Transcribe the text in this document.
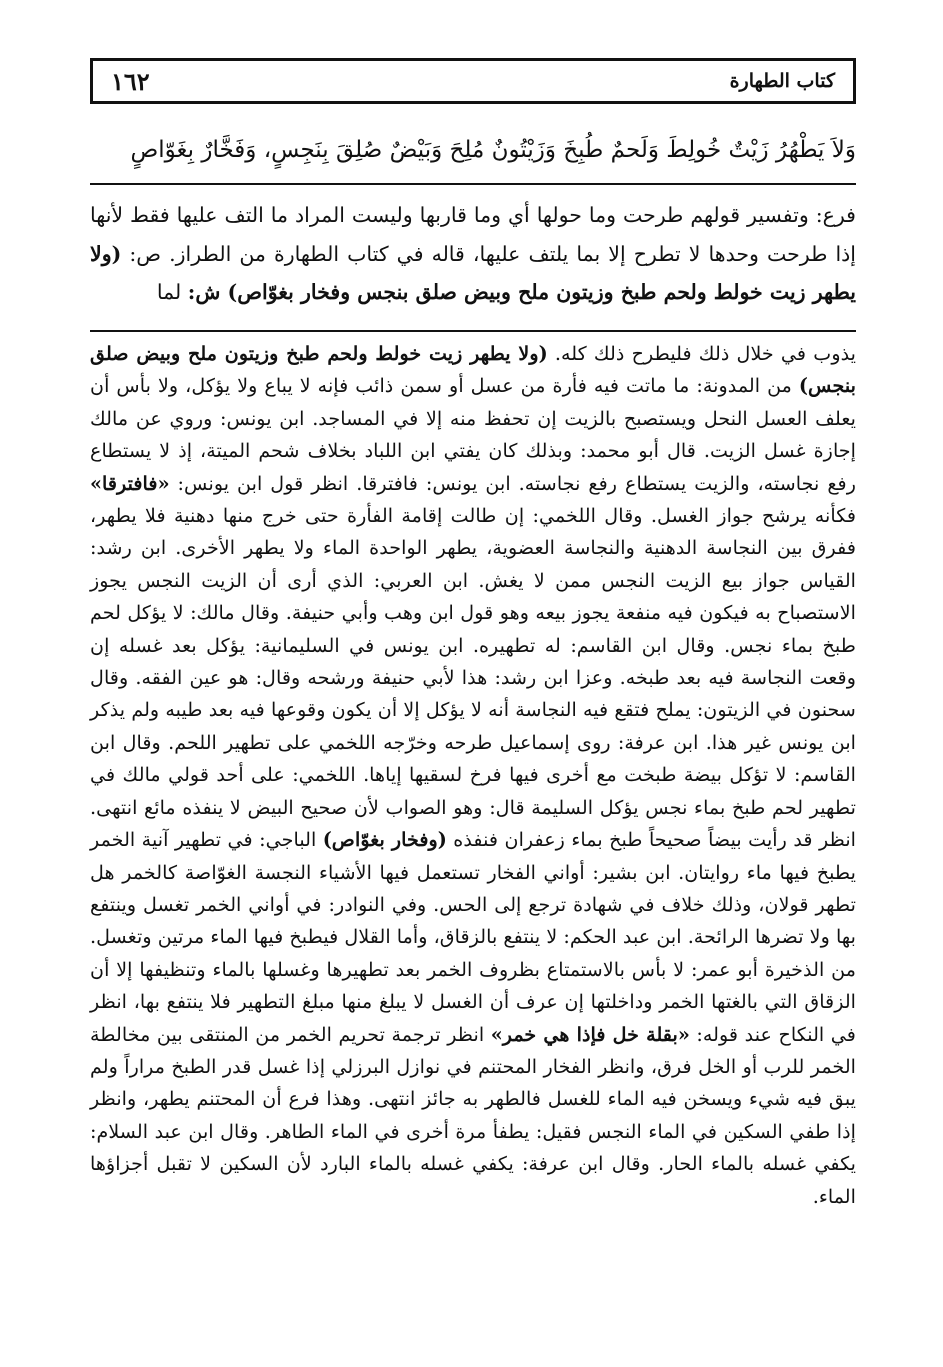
١٦٢	كتاب الطهارة
وَلاَ يَطْهُرُ زَيْتٌ خُولِطَ وَلَحمٌ طُبِخَ وَزَيْتُونٌ مُلِحَ وَبَيْضٌ صُلِقَ بِنَجِسٍ، وَفَخَّارٌ بِغَوّاصٍ
فرع: وتفسير قولهم طرحت وما حولها أي وما قاربها وليست المراد ما التف عليها فقط لأنها إذا طرحت وحدها لا تطرح إلا بما يلتف عليها، قاله في كتاب الطهارة من الطراز. ص: (ولا يطهر زيت خولط ولحم طبخ وزيتون ملح وبيض صلق بنجس وفخار بغوّاص) ش: لما
يذوب في خلال ذلك فليطرح ذلك كله. (ولا يطهر زيت خولط ولحم طبخ وزيتون ملح وبيض صلق بنجس) من المدونة: ما ماتت فيه فأرة من عسل أو سمن ذائب فإنه لا يباع ولا يؤكل، ولا بأس أن يعلف العسل النحل ويستصبح بالزيت إن تحفظ منه إلا في المساجد. ابن يونس: وروي عن مالك إجازة غسل الزيت. قال أبو محمد: وبذلك كان يفتي ابن اللباد بخلاف شحم الميتة، إذ لا يستطاع رفع نجاسته، والزيت يستطاع رفع نجاسته. ابن يونس: فافترقا. انظر قول ابن يونس: «فافترقا» فكأنه يرشح جواز الغسل. وقال اللخمي: إن طالت إقامة الفأرة حتى خرج منها دهنية فلا يطهر، ففرق بين النجاسة الدهنية والنجاسة العضوية، يطهر الواحدة الماء ولا يطهر الأخرى. ابن رشد: القياس جواز بيع الزيت النجس ممن لا يغش. ابن العربي: الذي أرى أن الزيت النجس يجوز الاستصباح به فيكون فيه منفعة يجوز بيعه وهو قول ابن وهب وأبي حنيفة. وقال مالك: لا يؤكل لحم طبخ بماء نجس. وقال ابن القاسم: له تطهيره. ابن يونس في السليمانية: يؤكل بعد غسله إن وقعت النجاسة فيه بعد طبخه. وعزا ابن رشد: هذا لأبي حنيفة ورشحه وقال: هو عين الفقه. وقال سحنون في الزيتون: يملح فتقع فيه النجاسة أنه لا يؤكل إلا أن يكون وقوعها فيه بعد طيبه ولم يذكر ابن يونس غير هذا. ابن عرفة: روى إسماعيل طرحه وخرّجه اللخمي على تطهير اللحم. وقال ابن القاسم: لا تؤكل بيضة طبخت مع أخرى فيها فرخ لسقيها إياها. اللخمي: على أحد قولي مالك في تطهير لحم طبخ بماء نجس يؤكل السليمة قال: وهو الصواب لأن صحيح البيض لا ينفذه مائع انتهى. انظر قد رأيت بيضاً صحيحاً طبخ بماء زعفران فنفذه (وفخار بغوّاص) الباجي: في تطهير آنية الخمر يطبخ فيها ماء روايتان. ابن بشير: أواني الفخار تستعمل فيها الأشياء النجسة الغوّاصة كالخمر هل تطهر قولان، وذلك خلاف في شهادة ترجع إلى الحس. وفي النوادر: في أواني الخمر تغسل وينتفع بها ولا تضرها الرائحة. ابن عبد الحكم: لا ينتفع بالزقاق، وأما القلال فيطبخ فيها الماء مرتين وتغسل. من الذخيرة أبو عمر: لا بأس بالاستمتاع بظروف الخمر بعد تطهيرها وغسلها بالماء وتنظيفها إلا أن الزقاق التي بالغتها الخمر وداخلتها إن عرف أن الغسل لا يبلغ منها مبلغ التطهير فلا ينتفع بها، انظر في النكاح عند قوله: «بقلة خل فإذا هي خمر» انظر ترجمة تحريم الخمر من المنتقى بين مخالطة الخمر للرب أو الخل فرق، وانظر الفخار المحتنم في نوازل البرزلي إذا غسل قدر الطبخ مراراً ولم يبق فيه شيء ويسخن فيه الماء للغسل فالطهر به جائز انتهى. وهذا فرع أن المحتنم يطهر، وانظر إذا طفي السكين في الماء النجس فقيل: يطفأ مرة أخرى في الماء الطاهر. وقال ابن عبد السلام: يكفي غسله بالماء الحار. وقال ابن عرفة: يكفي غسله بالماء البارد لأن السكين لا تقبل أجزاؤها الماء.
